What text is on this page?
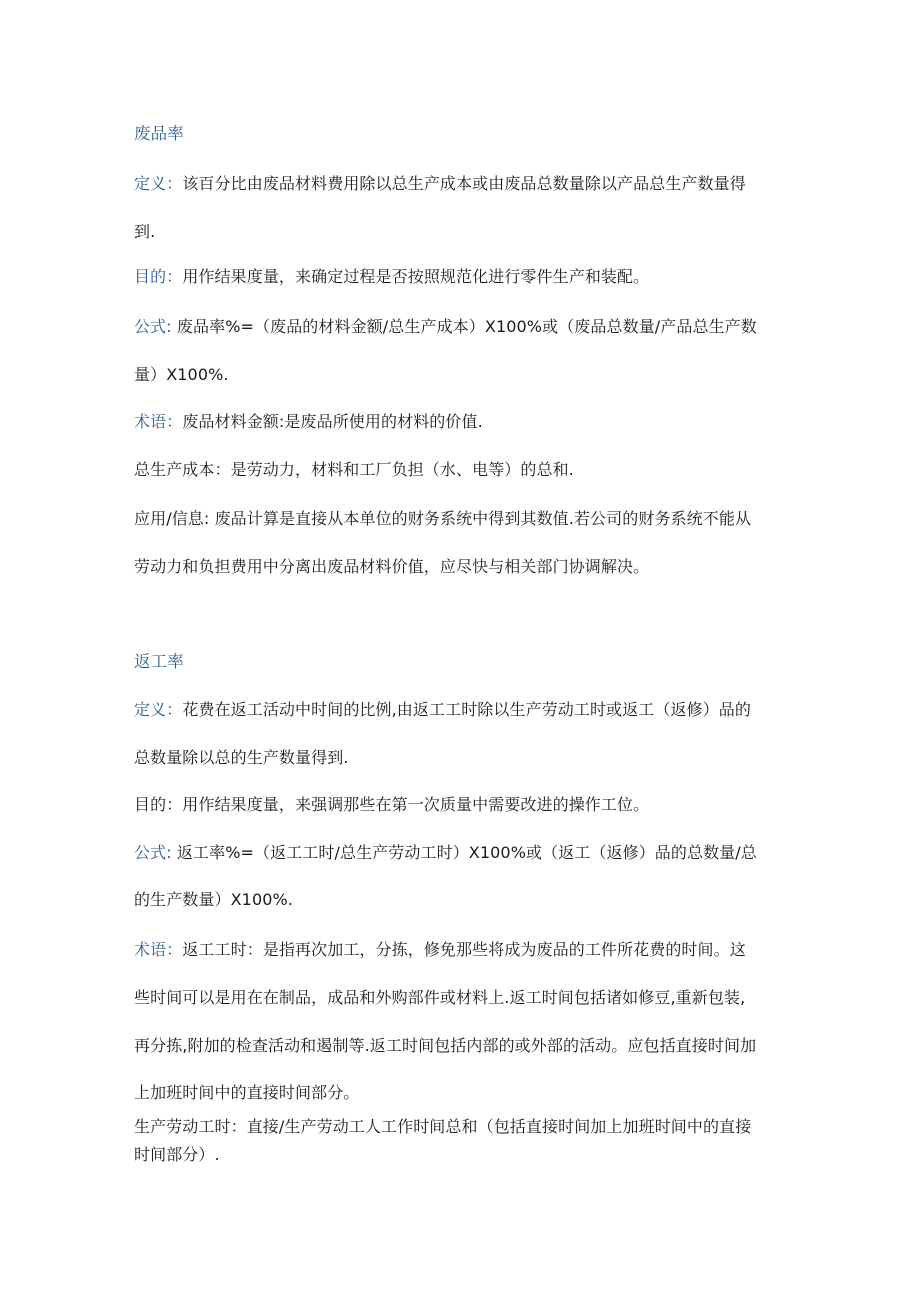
废品率
定义：该百分比由废品材料费用除以总生产成本或由废品总数量除以产品总生产数量得
到.
目的：用作结果度量，来确定过程是否按照规范化进行零件生产和装配。
公式: 废品率%=（废品的材料金额/总生产成本）X100%或（废品总数量/产品总生产数
量）X100%.
术语：废品材料金额:是废品所使用的材料的价值.
总生产成本：是劳动力，材料和工厂负担（水、电等）的总和.
应用/信息: 废品计算是直接从本单位的财务系统中得到其数值.若公司的财务系统不能从
劳动力和负担费用中分离出废品材料价值，应尽快与相关部门协调解决。
返工率
定义：花费在返工活动中时间的比例,由返工工时除以生产劳动工时或返工（返修）品的
总数量除以总的生产数量得到.
目的：用作结果度量，来强调那些在第一次质量中需要改进的操作工位。
公式: 返工率%=（返工工时/总生产劳动工时）X100%或（返工（返修）品的总数量/总
的生产数量）X100%.
术语：返工工时：是指再次加工，分拣，修免那些将成为废品的工件所花费的时间。这
些时间可以是用在在制品，成品和外购部件或材料上.返工时间包括诸如修豆,重新包装,
再分拣,附加的检查活动和遏制等.返工时间包括内部的或外部的活动。应包括直接时间加
上加班时间中的直接时间部分。
生产劳动工时：直接/生产劳动工人工作时间总和（包括直接时间加上加班时间中的直接
时间部分）.
